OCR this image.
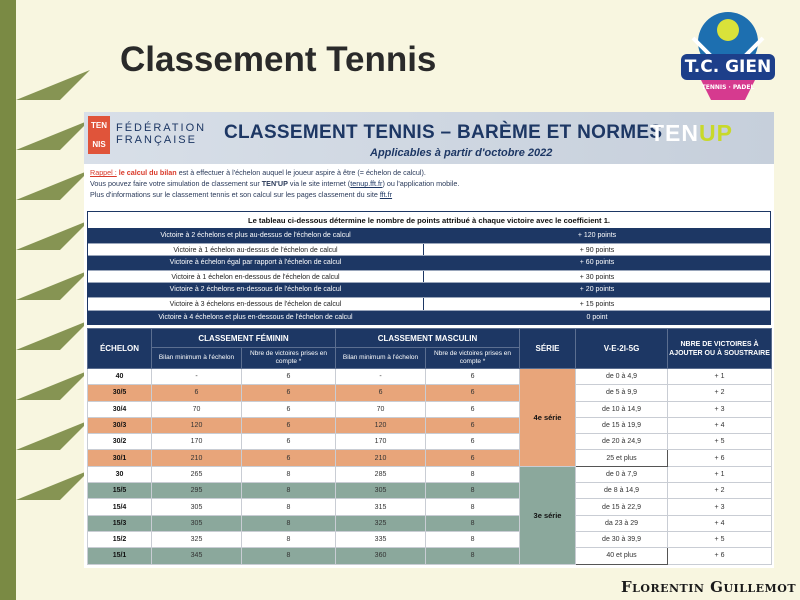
Classement Tennis	T.C. GIEN
TENNIS · PADEL
TEN
NIS
FÉDÉRATION
FRANÇAISE	CLASSEMENT TENNIS – BARÈME ET NORMES
Applicables à partir d'octobre 2022
TENUP
Rappel : le calcul du bilan est à effectuer à l'échelon auquel le joueur aspire à être (= échelon de calcul).
Vous pouvez faire votre simulation de classement sur TEN'UP via le site internet (tenup.fft.fr) ou l'application mobile.
Plus d'informations sur le classement tennis et son calcul sur les pages classement du site fft.fr
Le tableau ci-dessous détermine le nombre de points attribué à chaque victoire avec le coefficient 1.
Victoire à 2 échelons et plus au-dessus de l'échelon de calcul	+ 120 points
Victoire à 1 échelon au-dessus de l'échelon de calcul	+ 90 points
Victoire à échelon égal par rapport à l'échelon de calcul	+ 60 points
Victoire à 1 échelon en-dessous de l'échelon de calcul	+ 30 points
Victoire à 2 échelons en-dessous de l'échelon de calcul	+ 20 points
Victoire à 3 échelons en-dessous de l'échelon de calcul	+ 15 points
Victoire à 4 échelons et plus en-dessous de l'échelon de calcul	0 point
ÉCHELON	CLASSEMENT FÉMININ		CLASSEMENT MASCULIN		SÉRIE	V-E-2I-5G	NBRE DE VICTOIRES À AJOUTER OU À SOUSTRAIRE
	Bilan minimum à l'échelon	Nbre de victoires prises en compte *	Bilan minimum à l'échelon	Nbre de victoires prises en compte *			
40	-	6	-	6	4e série	de 0 à 4,9	+ 1
30/5	6	6	6	6		de 5 à 9,9	+ 2
30/4	70	6	70	6		de 10 à 14,9	+ 3
30/3	120	6	120	6		de 15 à 19,9	+ 4
30/2	170	6	170	6		de 20 à 24,9	+ 5
30/1	210	6	210	6		25 et plus	+ 6
30	265	8	285	8	3e série	de 0 à 7,9	+ 1
15/5	295	8	305	8		de 8 à 14,9	+ 2
15/4	305	8	315	8		de 15 à 22,9	+ 3
15/3	305	8	325	8		da 23 à 29	+ 4
15/2	325	8	335	8		de 30 à 39,9	+ 5
15/1	345	8	360	8		40 et plus	+ 6
Florentin Guillemot
